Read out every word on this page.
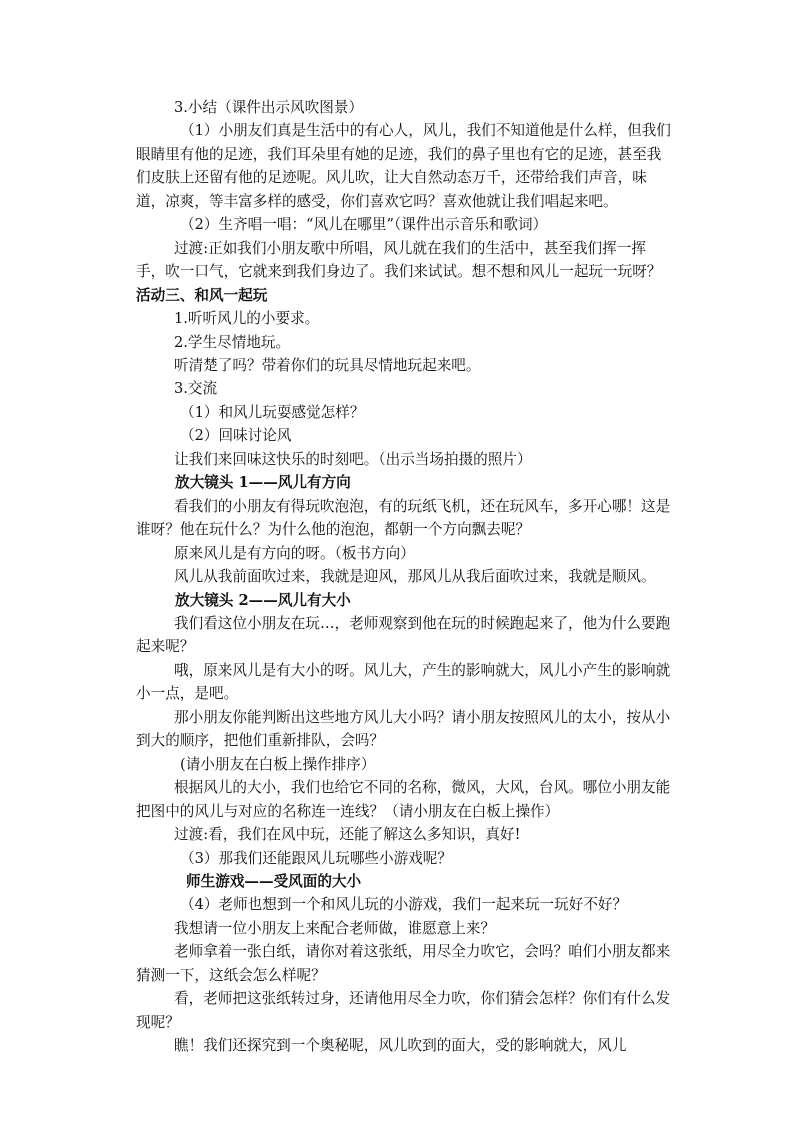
3.小结（课件出示风吹图景）

（1）小朋友们真是生活中的有心人，风儿，我们不知道他是什么样，但我们眼睛里有他的足迹，我们耳朵里有她的足迹，我们的鼻子里也有它的足迹，甚至我们皮肤上还留有他的足迹呢。风儿吹，让大自然动态万千，还带给我们声音，味道，凉爽，等丰富多样的感受，你们喜欢它吗？喜欢他就让我们唱起来吧。

（2）生齐唱一唱：“风儿在哪里”（课件出示音乐和歌词）

过渡:正如我们小朋友歌中所唱，风儿就在我们的生活中，甚至我们挥一挥手，吹一口气，它就来到我们身边了。我们来试试。想不想和风儿一起玩一玩呀？

活动三、和风一起玩

1.听听风儿的小要求。

2.学生尽情地玩。

听清楚了吗？带着你们的玩具尽情地玩起来吧。

3.交流

（1）和风儿玩耍感觉怎样？

（2）回味讨论风

让我们来回味这快乐的时刻吧。（出示当场拍摄的照片）

放大镜头 1——风儿有方向

看我们的小朋友有得玩吹泡泡，有的玩纸飞机，还在玩风车，多开心哪！这是谁呀？他在玩什么？为什么他的泡泡，都朝一个方向飘去呢？

原来风儿是有方向的呀。（板书方向）

风儿从我前面吹过来，我就是迎风，那风儿从我后面吹过来，我就是顺风。

放大镜头 2——风儿有大小

我们看这位小朋友在玩…，老师观察到他在玩的时候跑起来了，他为什么要跑起来呢？

哦，原来风儿是有大小的呀。风儿大，产生的影响就大，风儿小产生的影响就小一点，是吧。

那小朋友你能判断出这些地方风儿大小吗？请小朋友按照风儿的太小，按从小到大的顺序，把他们重新排队，会吗？

(请小朋友在白板上操作排序）

根据风儿的大小，我们也给它不同的名称，微风，大风，台风。哪位小朋友能把图中的风儿与对应的名称连一连线？（请小朋友在白板上操作）

过渡:看，我们在风中玩，还能了解这么多知识，真好!

（3）那我们还能跟风儿玩哪些小游戏呢？

师生游戏——受风面的大小

（4）老师也想到一个和风儿玩的小游戏，我们一起来玩一玩好不好？

我想请一位小朋友上来配合老师做，谁愿意上来？

老师拿着一张白纸，请你对着这张纸，用尽全力吹它，会吗？咱们小朋友都来猜测一下，这纸会怎么样呢？

看，老师把这张纸转过身，还请他用尽全力吹，你们猜会怎样？你们有什么发现呢？

瞧！我们还探究到一个奥秘呢，风儿吹到的面大，受的影响就大，风儿
